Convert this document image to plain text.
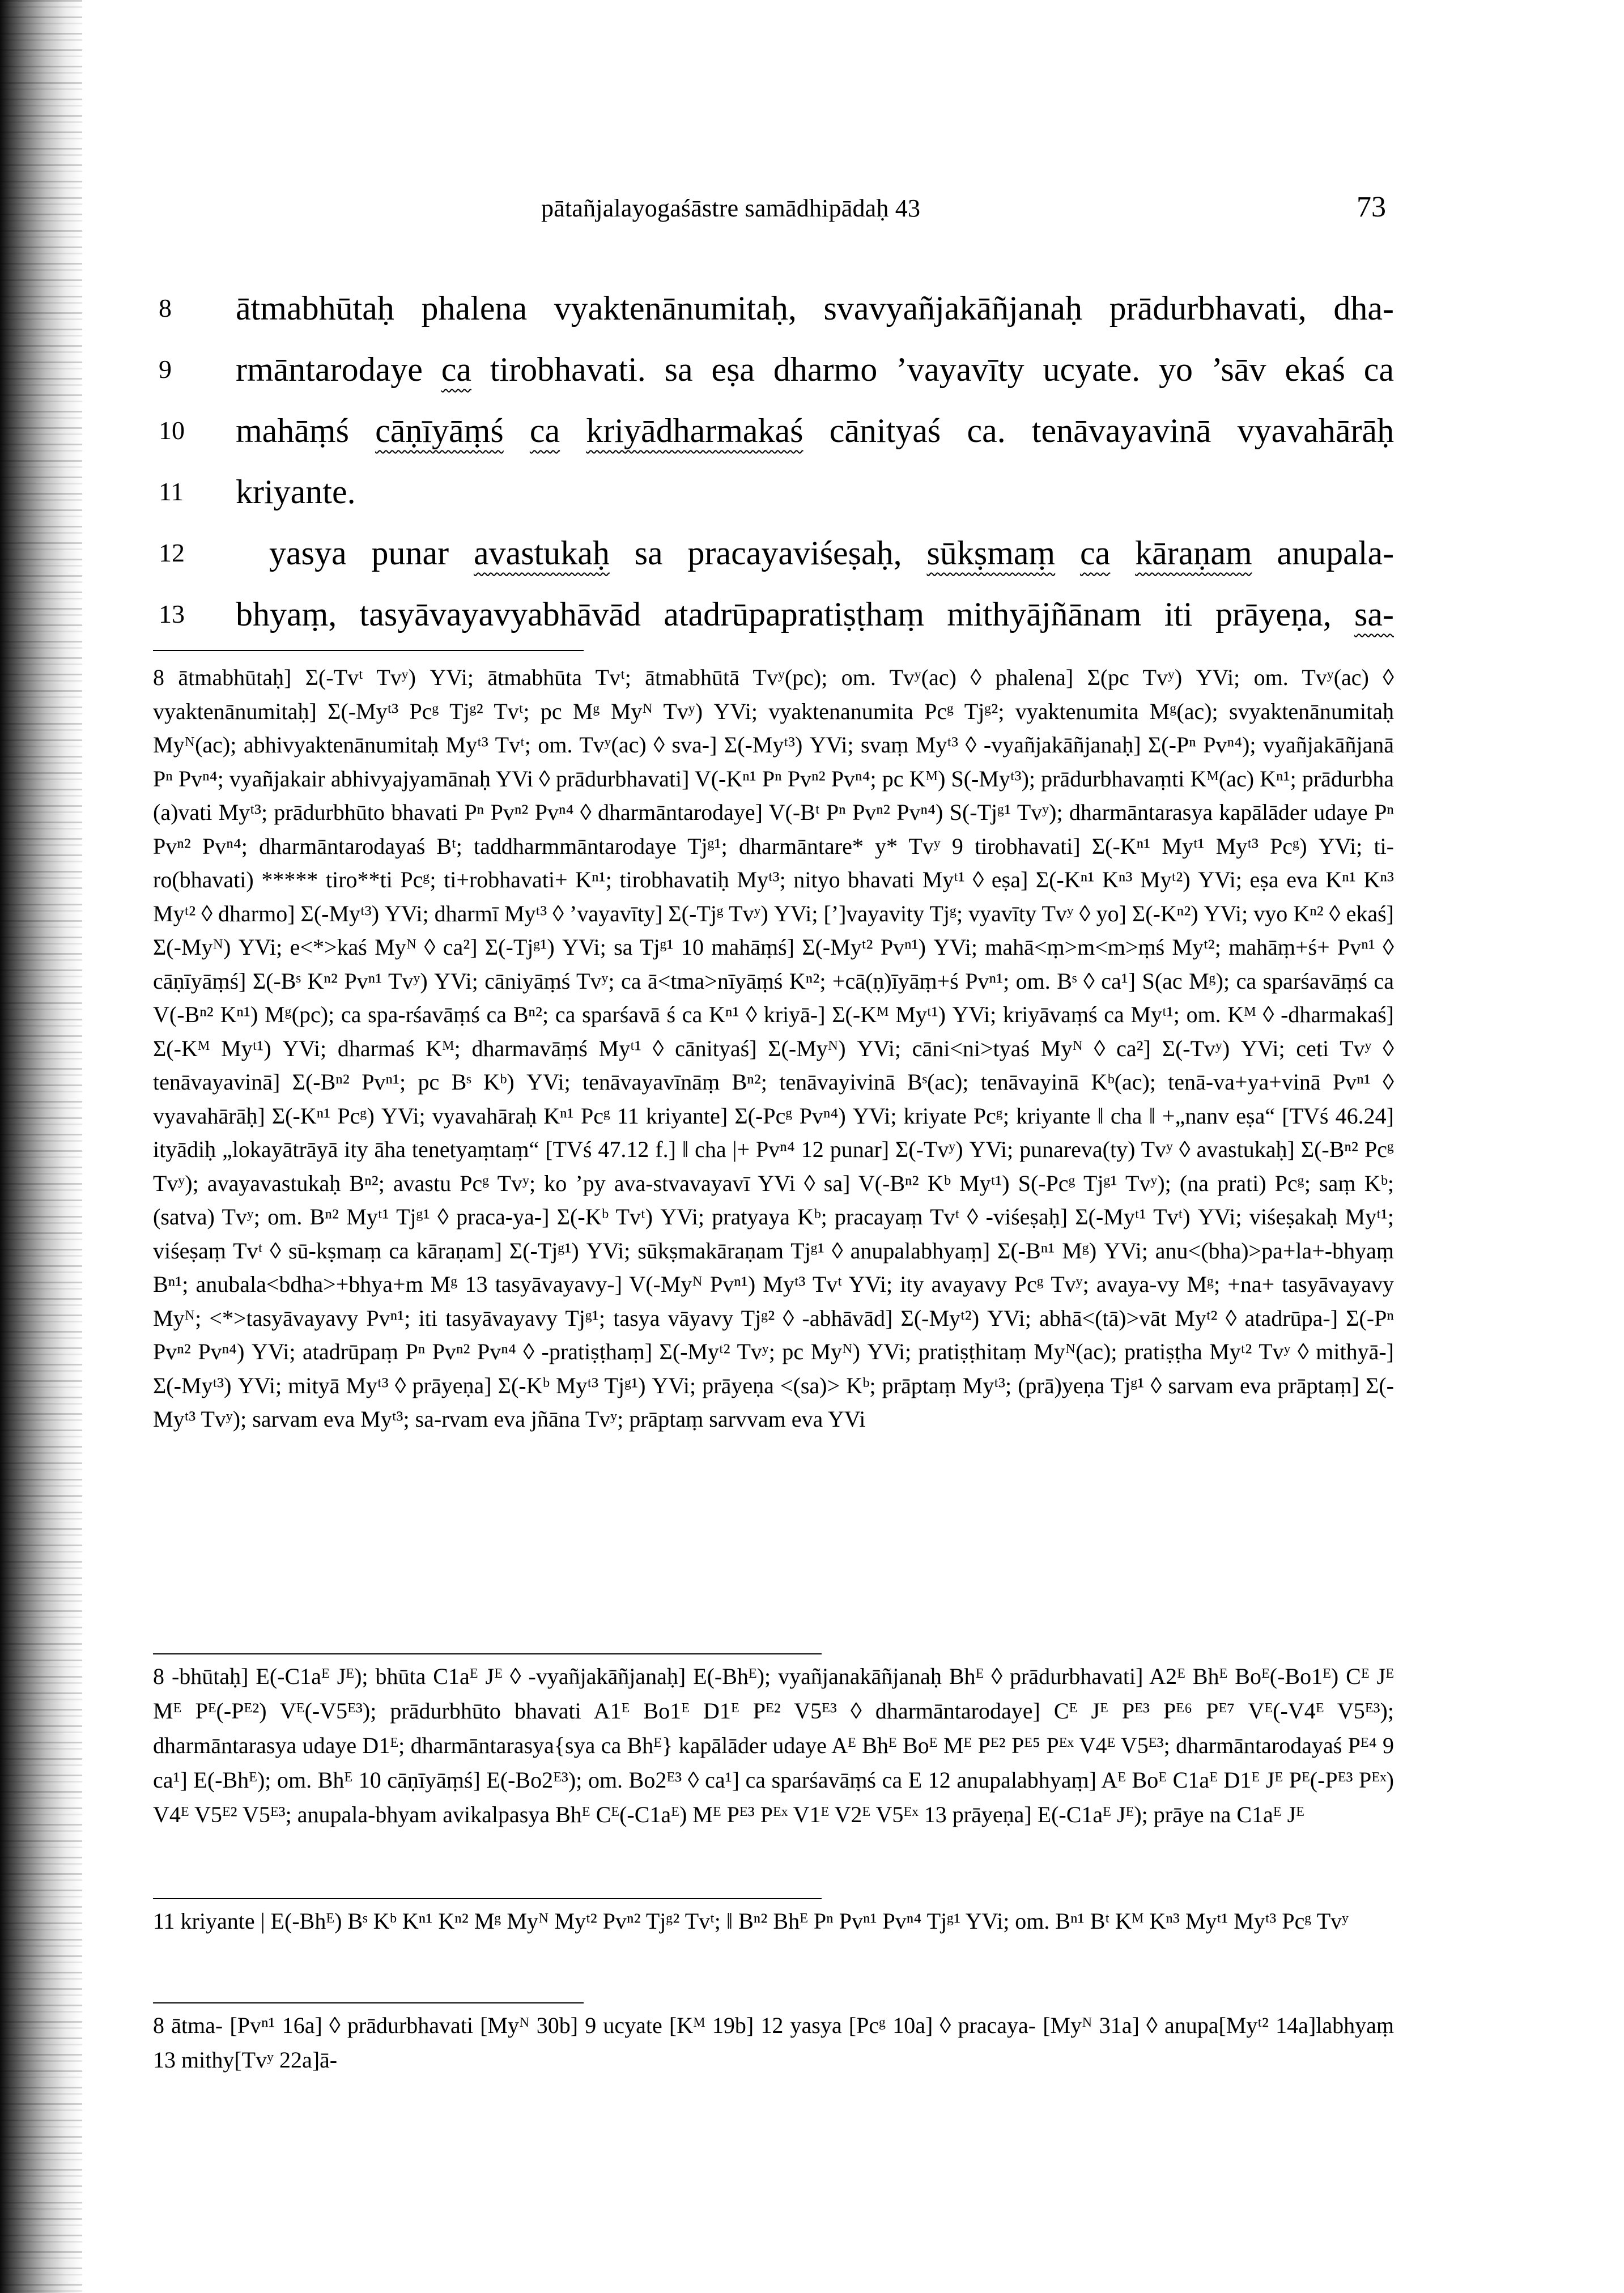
pātañjalayogaśāstre samādhipādaḥ 43	73
8	ātmabhūtaḥ phalena vyaktenānumitaḥ, svavyañjakāñjanaḥ prādurbhavati, dha-
9	rmāntarodaye ca tirobhavati. sa eṣa dharmo ’vayavīty ucyate. yo ’sāv ekaś ca
10	mahāṃś cāṇīyāṃś ca kriyādharmakaś cānityaś ca. tenāvayavinā vyavahārāḥ
11	kriyante.
12	yasya punar avastukaḥ sa pracayaviśeṣaḥ, sūkṣmaṃ ca kāraṇam anupala-
13	bhyaṃ, tasyāvayavyabhāvād atadrūpapratiṣṭhaṃ mithyājñānam iti prāyeṇa, sa-
8 ātmabhūtaḥ] Σ(-Tvᵗ Tvʸ) YVi; ātmabhūta Tvᵗ; ātmabhūtā Tvʸ(pc); om. Tvʸ(ac) ◊ phalena] Σ(pc Tvʸ) YVi; om. Tvʸ(ac) ◊ vyaktenānumitaḥ] Σ(-Myᵗ³ Pcᵍ Tjᵍ² Tvᵗ; pc Mᵍ Myᴺ Tvʸ) YVi; vyaktenanumita Pcᵍ Tjᵍ²; vyaktenumita Mᵍ(ac); svyaktenānumitaḥ Myᴺ(ac); abhivyaktenānumitaḥ Myᵗ³ Tvᵗ; om. Tvʸ(ac) ◊ sva-] Σ(-Myᵗ³) YVi; svaṃ Myᵗ³ ◊ -vyañjakāñjanaḥ] Σ(-Pⁿ Pvⁿ⁴); vyañjakāñjanā Pⁿ Pvⁿ⁴; vyañjakair abhivyajyamānaḥ YVi ◊ prādurbhavati] V(-Kⁿ¹ Pⁿ Pvⁿ² Pvⁿ⁴; pc Kᴹ) S(-Myᵗ³); prādurbhavaṃti Kᴹ(ac) Kⁿ¹; prādurbha (a)vati Myᵗ³; prādurbhūto bhavati Pⁿ Pvⁿ² Pvⁿ⁴ ◊ dharmāntarodaye] V(-Bᵗ Pⁿ Pvⁿ² Pvⁿ⁴) S(-Tjᵍ¹ Tvʸ); dharmāntarasya kapālāder udaye Pⁿ Pvⁿ² Pvⁿ⁴; dharmāntarodayaś Bᵗ; taddharmmāntarodaye Tjᵍ¹; dharmāntare* y* Tvʸ 9 tirobhavati] Σ(-Kⁿ¹ Myᵗ¹ Myᵗ³ Pcᵍ) YVi; ti-ro(bhavati) ***** tiro**ti Pcᵍ; ti+robhavati+ Kⁿ¹; tirobhavatiḥ Myᵗ³; nityo bhavati Myᵗ¹ ◊ eṣa] Σ(-Kⁿ¹ Kⁿ³ Myᵗ²) YVi; eṣa eva Kⁿ¹ Kⁿ³ Myᵗ² ◊ dharmo] Σ(-Myᵗ³) YVi; dharmī Myᵗ³ ◊ ’vayavīty] Σ(-Tjᵍ Tvʸ) YVi; [’]vayavity Tjᵍ; vyavīty Tvʸ ◊ yo] Σ(-Kⁿ²) YVi; vyo Kⁿ² ◊ ekaś] Σ(-Myᴺ) YVi; e<*>kaś Myᴺ ◊ ca²] Σ(-Tjᵍ¹) YVi; sa Tjᵍ¹ 10 mahāṃś] Σ(-Myᵗ² Pvⁿ¹) YVi; mahā<ṃ>m<m>ṃś Myᵗ²; mahāṃ+ś+ Pvⁿ¹ ◊ cāṇīyāṃś] Σ(-Bˢ Kⁿ² Pvⁿ¹ Tvʸ) YVi; cāniyāṃś Tvʸ; ca ā<tma>nīyāṃś Kⁿ²; +cā(ṇ)īyāṃ+ś Pvⁿ¹; om. Bˢ ◊ ca¹] S(ac Mᵍ); ca sparśavāṃś ca V(-Bⁿ² Kⁿ¹) Mᵍ(pc); ca spa-rśavāṃś ca Bⁿ²; ca sparśavā ś ca Kⁿ¹ ◊ kriyā-] Σ(-Kᴹ Myᵗ¹) YVi; kriyāvaṃś ca Myᵗ¹; om. Kᴹ ◊ -dharmakaś] Σ(-Kᴹ Myᵗ¹) YVi; dharmaś Kᴹ; dharmavāṃś Myᵗ¹ ◊ cānityaś] Σ(-Myᴺ) YVi; cāni<ni>tyaś Myᴺ ◊ ca²] Σ(-Tvʸ) YVi; ceti Tvʸ ◊ tenāvayavinā] Σ(-Bⁿ² Pvⁿ¹; pc Bˢ Kᵇ) YVi; tenāvayavīnāṃ Bⁿ²; tenāvayivinā Bˢ(ac); tenāvayinā Kᵇ(ac); tenā-va+ya+vinā Pvⁿ¹ ◊ vyavahārāḥ] Σ(-Kⁿ¹ Pcᵍ) YVi; vyavahāraḥ Kⁿ¹ Pcᵍ 11 kriyante] Σ(-Pcᵍ Pvⁿ⁴) YVi; kriyate Pcᵍ; kriyante ‖ cha ‖ +„nanv eṣa“ [TVś 46.24] ityādiḥ „lokayātrāyā ity āha tenetyaṃtaṃ“ [TVś 47.12 f.] ‖ cha |+ Pvⁿ⁴ 12 punar] Σ(-Tvʸ) YVi; punareva(ty) Tvʸ ◊ avastukaḥ] Σ(-Bⁿ² Pcᵍ Tvʸ); avayavastukaḥ Bⁿ²; avastu Pcᵍ Tvʸ; ko ’py ava-stvavayavī YVi ◊ sa] V(-Bⁿ² Kᵇ Myᵗ¹) S(-Pcᵍ Tjᵍ¹ Tvʸ); (na prati) Pcᵍ; saṃ Kᵇ; (satva) Tvʸ; om. Bⁿ² Myᵗ¹ Tjᵍ¹ ◊ praca-ya-] Σ(-Kᵇ Tvᵗ) YVi; pratyaya Kᵇ; pracayaṃ Tvᵗ ◊ -viśeṣaḥ] Σ(-Myᵗ¹ Tvᵗ) YVi; viśeṣakaḥ Myᵗ¹; viśeṣaṃ Tvᵗ ◊ sū-kṣmaṃ ca kāraṇam] Σ(-Tjᵍ¹) YVi; sūkṣmakāraṇam Tjᵍ¹ ◊ anupalabhyaṃ] Σ(-Bⁿ¹ Mᵍ) YVi; anu<(bha)>pa+la+-bhyaṃ Bⁿ¹; anubala<bdha>+bhya+m Mᵍ 13 tasyāvayavy-] V(-Myᴺ Pvⁿ¹) Myᵗ³ Tvᵗ YVi; ity avayavy Pcᵍ Tvʸ; avaya-vy Mᵍ; +na+ tasyāvayavy Myᴺ; <*>tasyāvayavy Pvⁿ¹; iti tasyāvayavy Tjᵍ¹; tasya vāyavy Tjᵍ² ◊ -abhāvād] Σ(-Myᵗ²) YVi; abhā<(tā)>vāt Myᵗ² ◊ atadrūpa-] Σ(-Pⁿ Pvⁿ² Pvⁿ⁴) YVi; atadrūpaṃ Pⁿ Pvⁿ² Pvⁿ⁴ ◊ -pratiṣṭhaṃ] Σ(-Myᵗ² Tvʸ; pc Myᴺ) YVi; pratiṣṭhitaṃ Myᴺ(ac); pratiṣṭha Myᵗ² Tvʸ ◊ mithyā-] Σ(-Myᵗ³) YVi; mityā Myᵗ³ ◊ prāyeṇa] Σ(-Kᵇ Myᵗ³ Tjᵍ¹) YVi; prāyeṇa <(sa)> Kᵇ; prāptaṃ Myᵗ³; (prā)yeṇa Tjᵍ¹ ◊ sarvam eva prāptaṃ] Σ(-Myᵗ³ Tvʸ); sarvam eva Myᵗ³; sa-rvam eva jñāna Tvʸ; prāptaṃ sarvvam eva YVi
8 -bhūtaḥ] E(-C1aᴱ Jᴱ); bhūta C1aᴱ Jᴱ ◊ -vyañjakāñjanaḥ] E(-Bhᴱ); vyañjanakāñjanaḥ Bhᴱ ◊ prādurbhavati] A2ᴱ Bhᴱ Boᴱ(-Bo1ᴱ) Cᴱ Jᴱ Mᴱ Pᴱ(-Pᴱ²) Vᴱ(-V5ᴱ³); prādurbhūto bhavati A1ᴱ Bo1ᴱ D1ᴱ Pᴱ² V5ᴱ³ ◊ dharmāntarodaye] Cᴱ Jᴱ Pᴱ³ Pᴱ⁶ Pᴱ⁷ Vᴱ(-V4ᴱ V5ᴱ³); dharmāntarasya udaye D1ᴱ; dharmāntarasya{sya ca Bhᴱ} kapālāder udaye Aᴱ Bhᴱ Boᴱ Mᴱ Pᴱ² Pᴱ⁵ Pᴱˣ V4ᴱ V5ᴱ³; dharmāntarodayaś Pᴱ⁴ 9 ca¹] E(-Bhᴱ); om. Bhᴱ 10 cāṇīyāṃś] E(-Bo2ᴱ³); om. Bo2ᴱ³ ◊ ca¹] ca sparśavāṃś ca E 12 anupalabhyaṃ] Aᴱ Boᴱ C1aᴱ D1ᴱ Jᴱ Pᴱ(-Pᴱ³ Pᴱˣ) V4ᴱ V5ᴱ² V5ᴱ³; anupala-bhyam avikalpasya Bhᴱ Cᴱ(-C1aᴱ) Mᴱ Pᴱ³ Pᴱˣ V1ᴱ V2ᴱ V5ᴱˣ 13 prāyeṇa] E(-C1aᴱ Jᴱ); prāye na C1aᴱ Jᴱ
11 kriyante | E(-Bhᴱ) Bˢ Kᵇ Kⁿ¹ Kⁿ² Mᵍ Myᴺ Myᵗ² Pvⁿ² Tjᵍ² Tvᵗ; ‖ Bⁿ² Bhᴱ Pⁿ Pvⁿ¹ Pvⁿ⁴ Tjᵍ¹ YVi; om. Bⁿ¹ Bᵗ Kᴹ Kⁿ³ Myᵗ¹ Myᵗ³ Pcᵍ Tvʸ
8 ātma- [Pvⁿ¹ 16a] ◊ prādurbhavati [Myᴺ 30b] 9 ucyate [Kᴹ 19b] 12 yasya [Pcᵍ 10a] ◊ pracaya- [Myᴺ 31a] ◊ anupa[Myᵗ² 14a]labhyaṃ 13 mithy[Tvʸ 22a]ā-
